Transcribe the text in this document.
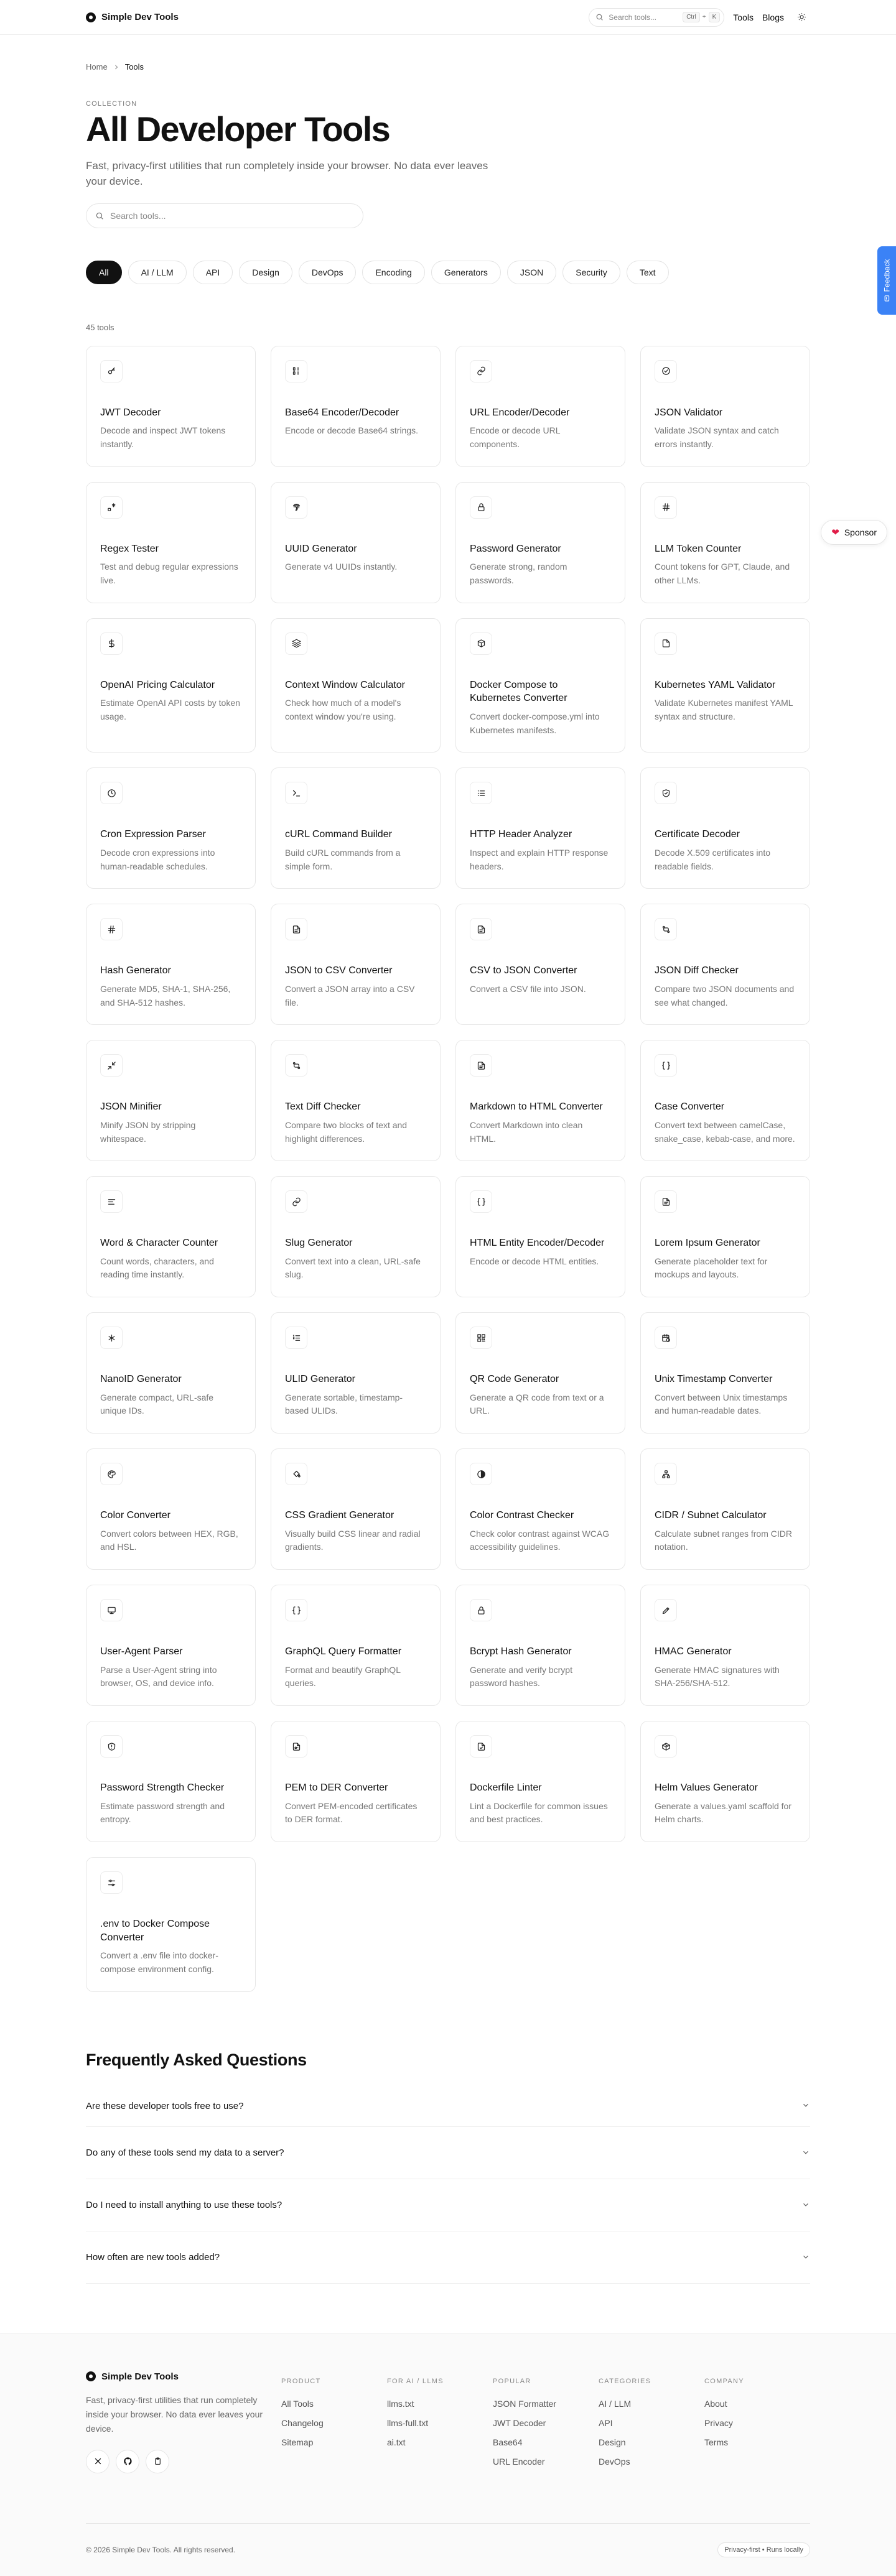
Simple Dev Tools	Search tools...	Ctrl	+	K	Tools Blogs
Home Tools
COLLECTION
All Developer Tools

Fast, privacy-first utilities that run completely inside your browser. No data ever leaves your device.

Search tools...
All	AI / LLM	API	Design	DevOps	Encoding	Generators	JSON	Security	Text
45 tools
JWT Decoder
Decode and inspect JWT tokens instantly.
Base64 Encoder/Decoder
Encode or decode Base64 strings.
URL Encoder/Decoder
Encode or decode URL components.
JSON Validator
Validate JSON syntax and catch errors instantly.
Regex Tester
Test and debug regular expressions live.
UUID Generator
Generate v4 UUIDs instantly.
Password Generator
Generate strong, random passwords.
LLM Token Counter
Count tokens for GPT, Claude, and other LLMs.
OpenAI Pricing Calculator
Estimate OpenAI API costs by token usage.
Context Window Calculator
Check how much of a model's context window you're using.
Docker Compose to Kubernetes Converter
Convert docker-compose.yml into Kubernetes manifests.
Kubernetes YAML Validator
Validate Kubernetes manifest YAML syntax and structure.
Cron Expression Parser
Decode cron expressions into human-readable schedules.
cURL Command Builder
Build cURL commands from a simple form.
HTTP Header Analyzer
Inspect and explain HTTP response headers.
Certificate Decoder
Decode X.509 certificates into readable fields.
Hash Generator
Generate MD5, SHA-1, SHA-256, and SHA-512 hashes.
JSON to CSV Converter
Convert a JSON array into a CSV file.
CSV to JSON Converter
Convert a CSV file into JSON.
JSON Diff Checker
Compare two JSON documents and see what changed.
JSON Minifier
Minify JSON by stripping whitespace.
Text Diff Checker
Compare two blocks of text and highlight differences.
Markdown to HTML Converter
Convert Markdown into clean HTML.
Case Converter
Convert text between camelCase, snake_case, kebab-case, and more.
Word & Character Counter
Count words, characters, and reading time instantly.
Slug Generator
Convert text into a clean, URL-safe slug.
HTML Entity Encoder/Decoder
Encode or decode HTML entities.
Lorem Ipsum Generator
Generate placeholder text for mockups and layouts.
NanoID Generator
Generate compact, URL-safe unique IDs.
ULID Generator
Generate sortable, timestamp-based ULIDs.
QR Code Generator
Generate a QR code from text or a URL.
Unix Timestamp Converter
Convert between Unix timestamps and human-readable dates.
Color Converter
Convert colors between HEX, RGB, and HSL.
CSS Gradient Generator
Visually build CSS linear and radial gradients.
Color Contrast Checker
Check color contrast against WCAG accessibility guidelines.
CIDR / Subnet Calculator
Calculate subnet ranges from CIDR notation.
User-Agent Parser
Parse a User-Agent string into browser, OS, and device info.
GraphQL Query Formatter
Format and beautify GraphQL queries.
Bcrypt Hash Generator
Generate and verify bcrypt password hashes.
HMAC Generator
Generate HMAC signatures with SHA-256/SHA-512.
Password Strength Checker
Estimate password strength and entropy.
PEM to DER Converter
Convert PEM-encoded certificates to DER format.
Dockerfile Linter
Lint a Dockerfile for common issues and best practices.
Helm Values Generator
Generate a values.yaml scaffold for Helm charts.
.env to Docker Compose Converter
Convert a .env file into docker-compose environment config.
Frequently Asked Questions
Are these developer tools free to use?
Do any of these tools send my data to a server?
Do I need to install anything to use these tools?
How often are new tools added?
Simple Dev Tools

Fast, privacy-first utilities that run completely inside your browser. No data ever leaves your device.

PRODUCT
All Tools
Changelog
Sitemap
FOR AI / LLMS
llms.txt
llms-full.txt
ai.txt
POPULAR
JSON Formatter
JWT Decoder
Base64
URL Encoder
CATEGORIES
AI / LLM
API
Design
DevOps
COMPANY
About
Privacy
Terms
© 2026 Simple Dev Tools. All rights reserved.	Privacy-first • Runs locally
Feedback
❤ Sponsor
